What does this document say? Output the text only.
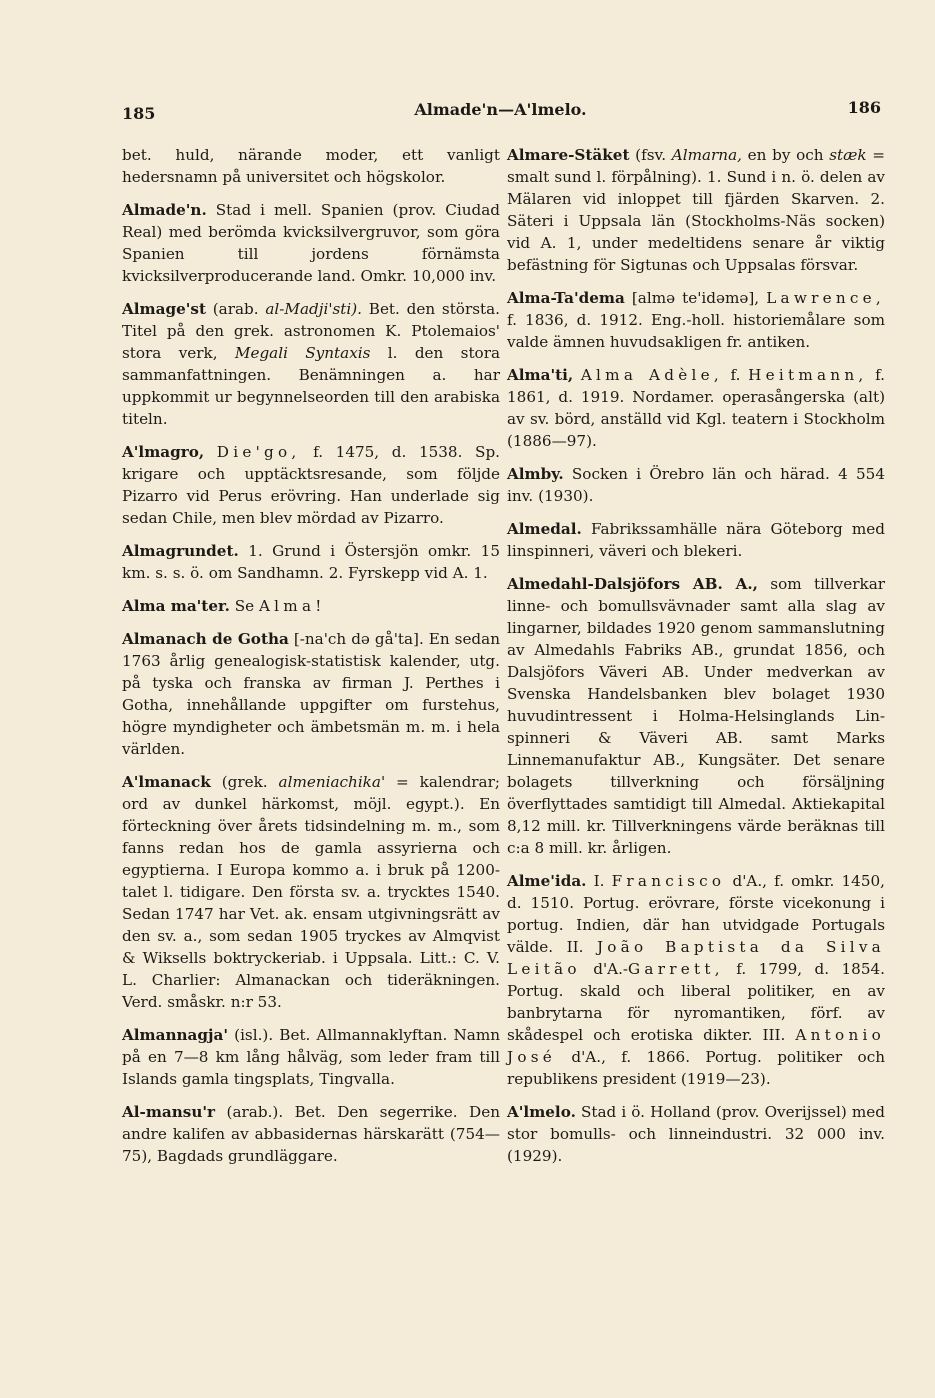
185	Almade'n—A'lmelo.	186

bet. huld, närande moder, ett vanligt hedersnamn på universitet och högskolor.

Almade'n. Stad i mell. Spanien (prov. Ciudad Real) med berömda kvicksilvergruvor, som göra Spanien till jordens förnämsta kvicksilverproducerande land. Omkr. 10,000 inv.

Almage'st (arab. al-Madji'sti). Bet. den största. Titel på den grek. astronomen K. Ptolemaios' stora verk, Megali Syntaxis l. den stora sammanfattningen. Benämningen a. har uppkommit ur begynnelseorden till den arabiska titeln.

A'lmagro, Die'go, f. 1475, d. 1538. Sp. krigare och upptäcktsresande, som följde Pizarro vid Perus erövring. Han underlade sig sedan Chile, men blev mördad av Pizarro.

Almagrundet. 1. Grund i Östersjön omkr. 15 km. s. s. ö. om Sandhamn. 2. Fyrskepp vid A. 1.

Alma ma'ter. Se Alma!

Almanach de Gotha [-na'ch də gå'ta]. En sedan 1763 årlig genealogisk-statistisk kalender, utg. på tyska och franska av firman J. Perthes i Gotha, innehållande uppgifter om furstehus, högre myndigheter och ämbetsmän m. m. i hela världen.

A'lmanack (grek. almeniachika' = kalendrar; ord av dunkel härkomst, möjl. egypt.). En förteckning över årets tidsindelning m. m., som fanns redan hos de gamla assyrierna och egyptierna. I Europa kommo a. i bruk på 1200-talet l. tidigare. Den första sv. a. trycktes 1540. Sedan 1747 har Vet. ak. ensam utgivningsrätt av den sv. a., som sedan 1905 tryckes av Almqvist & Wiksells boktryckeriab. i Uppsala. Litt.: C. V. L. Charlier: Almanackan och tideräkningen. Verd. småskr. n:r 53.

Almannagja' (isl.). Bet. Allmannaklyftan. Namn på en 7—8 km lång hålväg, som leder fram till Islands gamla tingsplats, Tingvalla.

Al-mansu'r (arab.). Bet. Den segerrike. Den andre kalifen av abbasidernas härskarätt (754—75), Bagdads grundläggare.

Almare-Stäket (fsv. Almarna, en by och stæk = smalt sund l. förpålning). 1. Sund i n. ö. delen av Mälaren vid inloppet till fjärden Skarven. 2. Säteri i Uppsala län (Stockholms-Näs socken) vid A. 1, under medeltidens senare år viktig befästning för Sigtunas och Uppsalas försvar.

Alma-Ta'dema [almə te'idəmə], Lawrence, f. 1836, d. 1912. Eng.-holl. historiemålare som valde ämnen huvudsakligen fr. antiken.

Alma'ti, Alma Adèle, f. Heitmann, f. 1861, d. 1919. Nordamer. operasångerska (alt) av sv. börd, anställd vid Kgl. teatern i Stockholm (1886—97).

Almby. Socken i Örebro län och härad. 4 554 inv. (1930).

Almedal. Fabrikssamhälle nära Göteborg med linspinneri, väveri och blekeri.

Almedahl-Dalsjöfors AB. A., som tillverkar linne- och bomullsvävnader samt alla slag av lingarner, bildades 1920 genom sammanslutning av Almedahls Fabriks AB., grundat 1856, och Dalsjöfors Väveri AB. Under medverkan av Svenska Handelsbanken blev bolaget 1930 huvudintressent i Holma-Helsinglands Lin-spinneri & Väveri AB. samt Marks Linnemanufaktur AB., Kungsäter. Det senare bolagets tillverkning och försäljning överflyttades samtidigt till Almedal. Aktiekapital 8,12 mill. kr. Tillverkningens värde beräknas till c:a 8 mill. kr. årligen.

Alme'ida. I. Francisco d'A., f. omkr. 1450, d. 1510. Portug. erövrare, förste vicekonung i portug. Indien, där han utvidgade Portugals välde. II. João Baptista da Silva Leitão d'A.-Garrett, f. 1799, d. 1854. Portug. skald och liberal politiker, en av banbrytarna för nyromantiken, förf. av skådespel och erotiska dikter. III. Antonio José d'A., f. 1866. Portug. politiker och republikens president (1919—23).

A'lmelo. Stad i ö. Holland (prov. Overijssel) med stor bomulls- och linneindustri. 32 000 inv. (1929).
